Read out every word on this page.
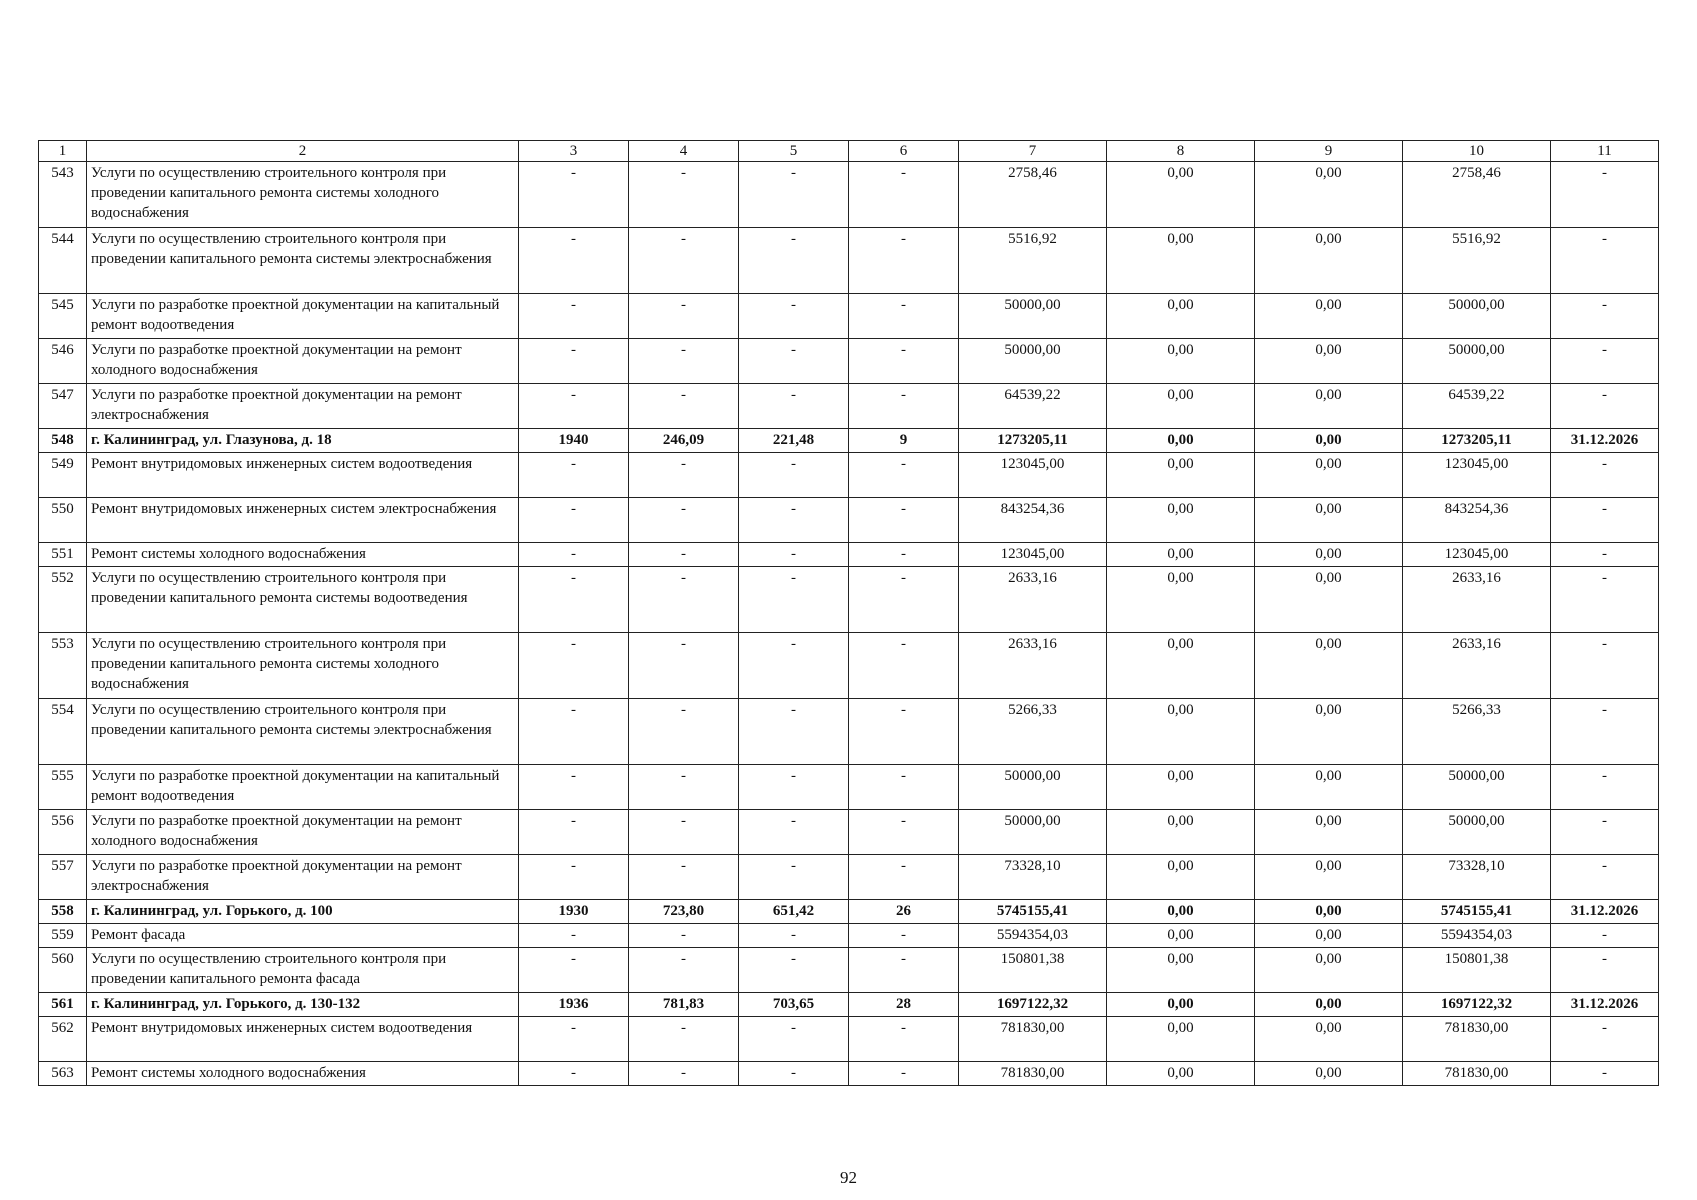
1	2	3	4	5	6	7	8	9	10	11
543	Услуги по осуществлению строительного контроля при проведении капитального ремонта системы холодного водоснабжения	-	-	-	-	2758,46	0,00	0,00	2758,46	-
544	Услуги по осуществлению строительного контроля при проведении капитального ремонта системы электроснабжения	-	-	-	-	5516,92	0,00	0,00	5516,92	-
545	Услуги по разработке проектной документации на капитальный ремонт водоотведения	-	-	-	-	50000,00	0,00	0,00	50000,00	-
546	Услуги по разработке проектной документации на ремонт холодного водоснабжения	-	-	-	-	50000,00	0,00	0,00	50000,00	-
547	Услуги по разработке проектной документации на ремонт электроснабжения	-	-	-	-	64539,22	0,00	0,00	64539,22	-
548	г. Калининград, ул. Глазунова, д. 18	1940	246,09	221,48	9	1273205,11	0,00	0,00	1273205,11	31.12.2026
549	Ремонт внутридомовых инженерных систем водоотведения	-	-	-	-	123045,00	0,00	0,00	123045,00	-
550	Ремонт внутридомовых инженерных систем электроснабжения	-	-	-	-	843254,36	0,00	0,00	843254,36	-
551	Ремонт системы холодного водоснабжения	-	-	-	-	123045,00	0,00	0,00	123045,00	-
552	Услуги по осуществлению строительного контроля при проведении капитального ремонта системы водоотведения	-	-	-	-	2633,16	0,00	0,00	2633,16	-
553	Услуги по осуществлению строительного контроля при проведении капитального ремонта системы холодного водоснабжения	-	-	-	-	2633,16	0,00	0,00	2633,16	-
554	Услуги по осуществлению строительного контроля при проведении капитального ремонта системы электроснабжения	-	-	-	-	5266,33	0,00	0,00	5266,33	-
555	Услуги по разработке проектной документации на капитальный ремонт водоотведения	-	-	-	-	50000,00	0,00	0,00	50000,00	-
556	Услуги по разработке проектной документации на ремонт холодного водоснабжения	-	-	-	-	50000,00	0,00	0,00	50000,00	-
557	Услуги по разработке проектной документации на ремонт электроснабжения	-	-	-	-	73328,10	0,00	0,00	73328,10	-
558	г. Калининград, ул. Горького, д. 100	1930	723,80	651,42	26	5745155,41	0,00	0,00	5745155,41	31.12.2026
559	Ремонт фасада	-	-	-	-	5594354,03	0,00	0,00	5594354,03	-
560	Услуги по осуществлению строительного контроля при проведении капитального ремонта фасада	-	-	-	-	150801,38	0,00	0,00	150801,38	-
561	г. Калининград, ул. Горького, д. 130-132	1936	781,83	703,65	28	1697122,32	0,00	0,00	1697122,32	31.12.2026
562	Ремонт внутридомовых инженерных систем водоотведения	-	-	-	-	781830,00	0,00	0,00	781830,00	-
563	Ремонт системы холодного водоснабжения	-	-	-	-	781830,00	0,00	0,00	781830,00	-
92
